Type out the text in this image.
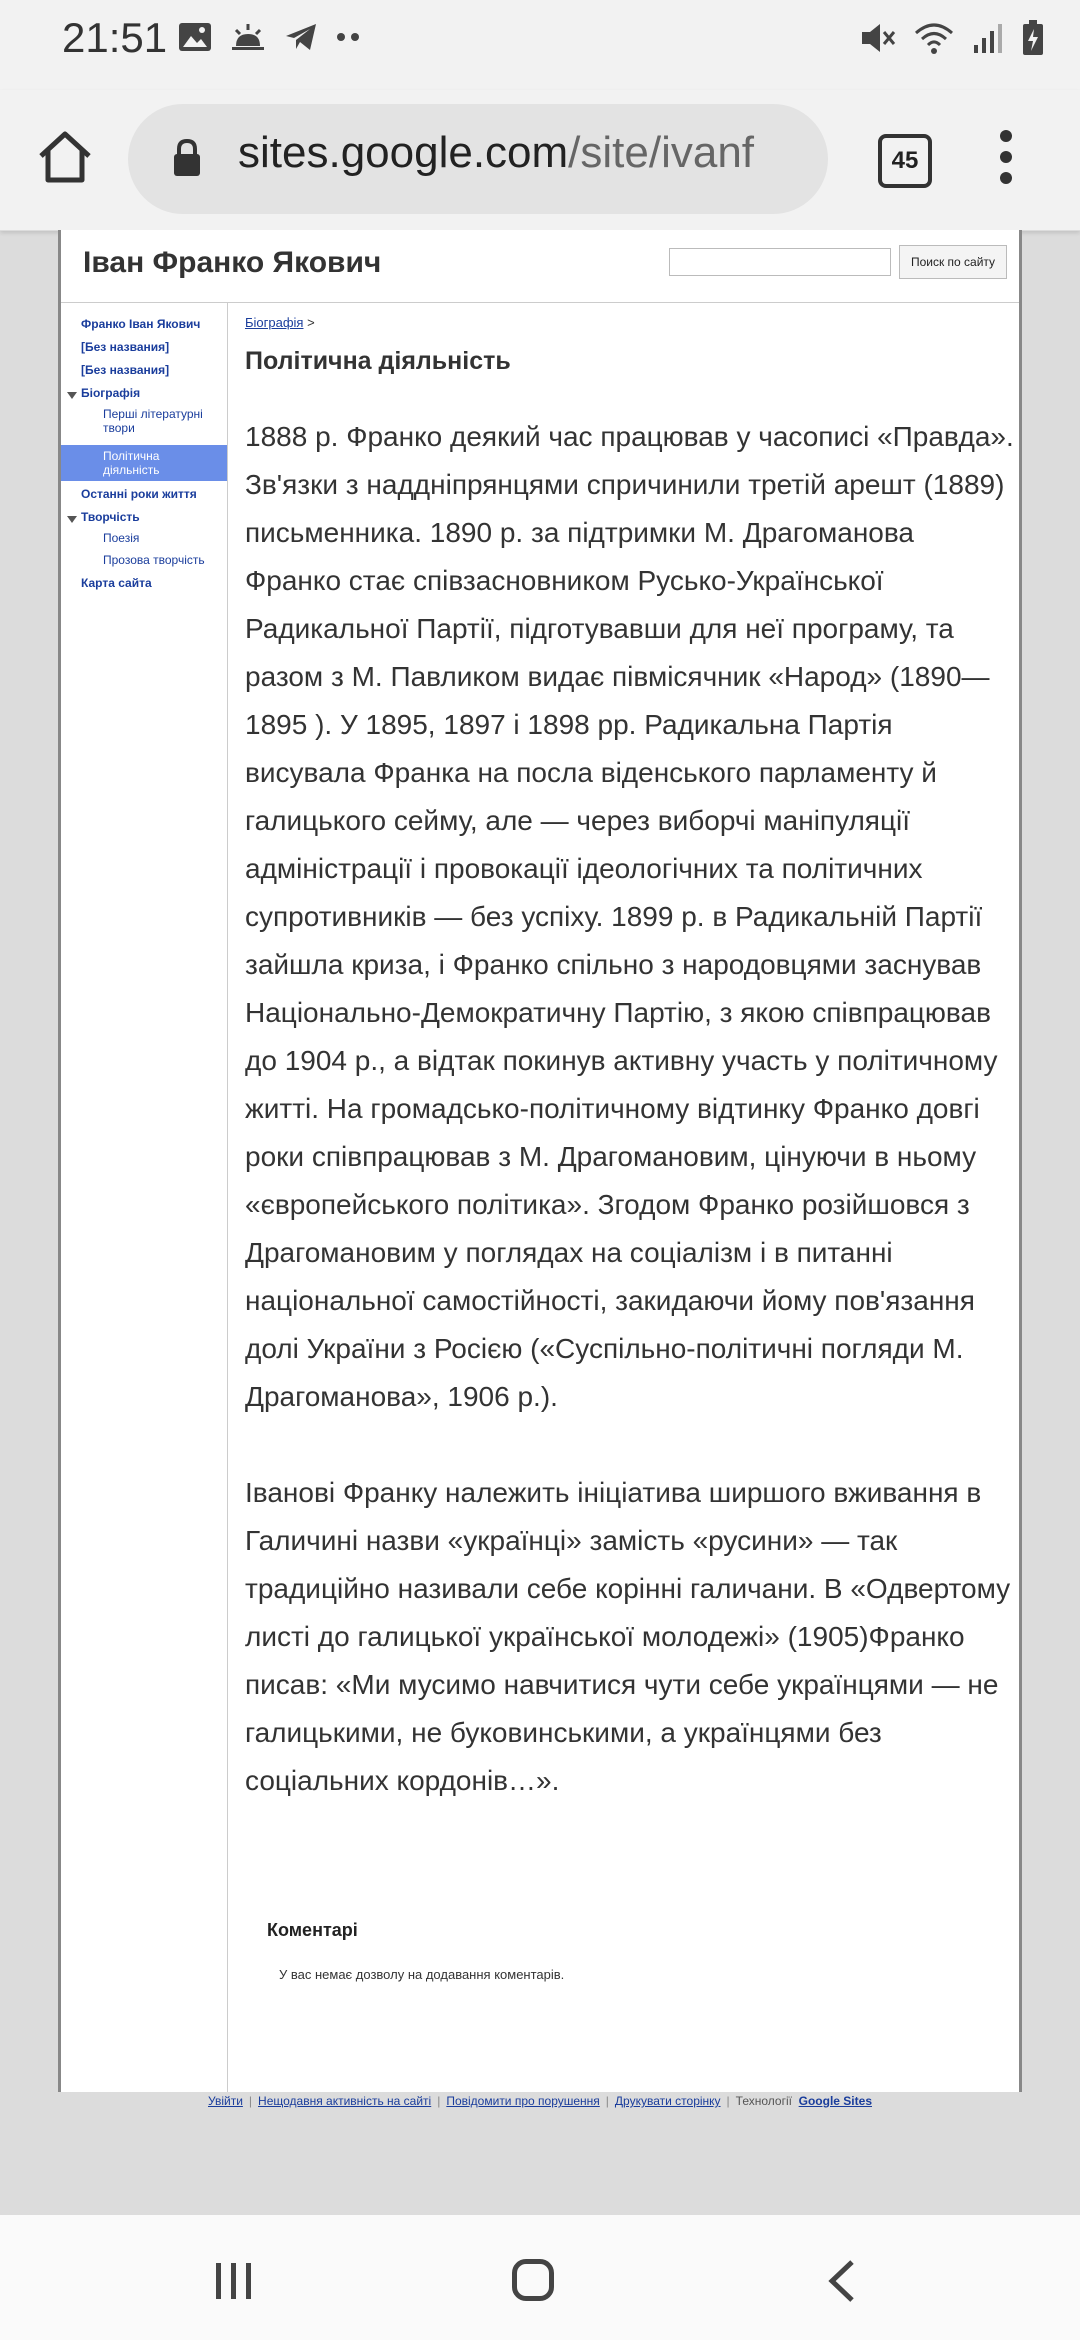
21:51
sites.google.com/site/ivanf	45
Іван Франко Якович	Поиск по сайту
Франко Іван Якович
[Без названия]
[Без названия]
Біографія
Перші літературні
твори
Політична
діяльність
Останні роки життя
Творчість
Поезія
Прозова творчість
Карта сайта
Біографія >
Політична діяльність

1888 р. Франко деякий час працював у часописі «Правда». Зв'язки з наддніпрянцями спричинили третій арешт (1889) письменника. 1890 р. за підтримки М. Драгоманова Франко стає співзасновником Русько-Української Радикальної Партії, підготувавши для неї програму, та разом з М. Павликом видає півмісячник «Народ» (1890—1895 ). У 1895, 1897 і 1898 рр. Радикальна Партія висувала Франка на посла віденського парламенту й галицького сейму, але — через виборчі маніпуляції адміністрації і провокації ідеологічних та політичних супротивників — без успіху. 1899 р. в Радикальній Партії зайшла криза, і Франко спільно з народовцями заснував Національно-Демократичну Партію, з якою співпрацював до 1904 р., а відтак покинув активну участь у політичному житті. На громадсько-політичному відтинку Франко довгі роки співпрацював з М. Драгомановим, цінуючи в ньому «європейського політика». Згодом Франко розійшовся з Драгомановим у поглядах на соціалізм і в питанні національної самостійності, закидаючи йому пов'язання долі України з Росією («Суспільно-політичні погляди М. Драгоманова», 1906 р.).

Іванові Франку належить ініціатива ширшого вживання в Галичині назви «українці» замість «русини» — так традиційно називали себе корінні галичани. В «Одвертому листі до галицької української молодежі» (1905)Франко писав: «Ми мусимо навчитися чути себе українцями — не галицькими, не буковинськими, а українцями без соціальних кордонів…».

Коментарі
У вас немає дозволу на додавання коментарів.
Увійти | Нещодавня активність на сайті | Повідомити про порушення | Друкувати сторінку | Технології Google Sites
